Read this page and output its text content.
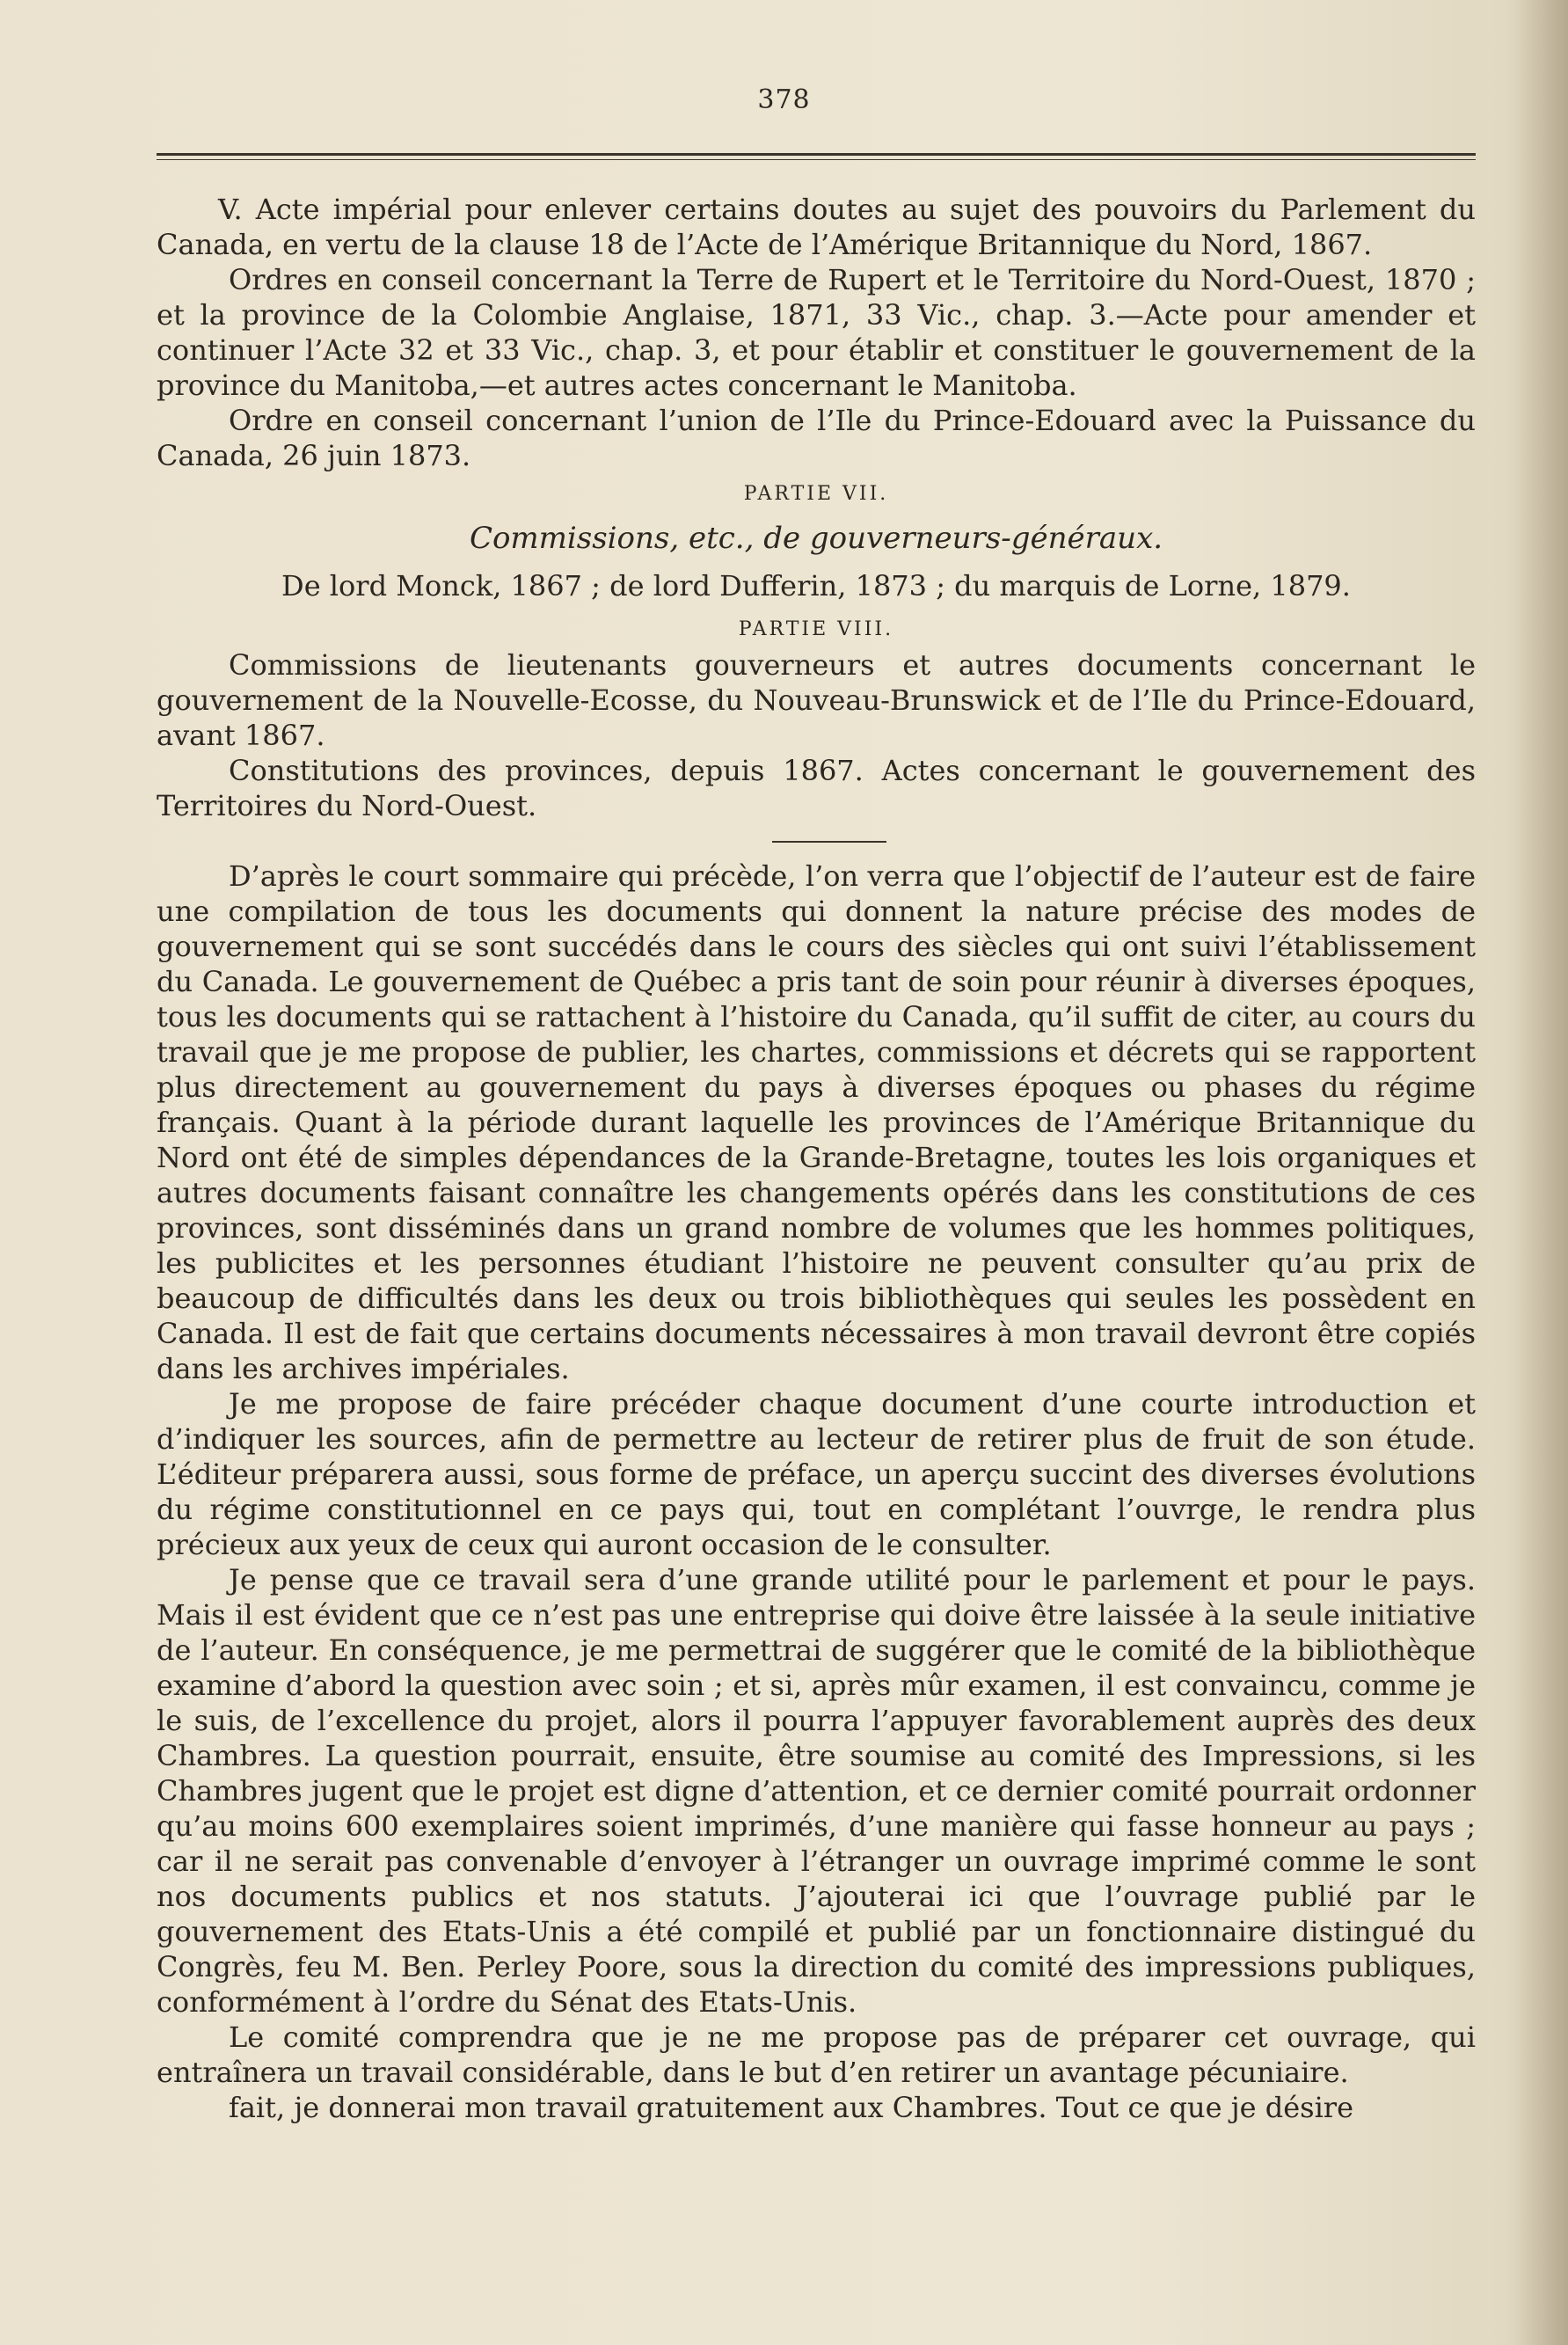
378

V. Acte impérial pour enlever certains doutes au sujet des pouvoirs du Parlement du Canada, en vertu de la clause 18 de l’Acte de l’Amérique Britannique du Nord, 1867.

Ordres en conseil concernant la Terre de Rupert et le Territoire du Nord-Ouest, 1870 ; et la province de la Colombie Anglaise, 1871, 33 Vic., chap. 3.—Acte pour amender et continuer l’Acte 32 et 33 Vic., chap. 3, et pour établir et constituer le gouvernement de la province du Manitoba,—et autres actes concernant le Manitoba.

Ordre en conseil concernant l’union de l’Ile du Prince-Edouard avec la Puissance du Canada, 26 juin 1873.

PARTIE VII.
Commissions, etc., de gouverneurs-généraux.

De lord Monck, 1867 ; de lord Dufferin, 1873 ; du marquis de Lorne, 1879.

PARTIE VIII.

Commissions de lieutenants gouverneurs et autres documents concernant le gouvernement de la Nouvelle-Ecosse, du Nouveau-Brunswick et de l’Ile du Prince-Edouard, avant 1867.

Constitutions des provinces, depuis 1867. Actes concernant le gouvernement des Territoires du Nord-Ouest.

D’après le court sommaire qui précède, l’on verra que l’objectif de l’auteur est de faire une compilation de tous les documents qui donnent la nature précise des modes de gouvernement qui se sont succédés dans le cours des siècles qui ont suivi l’établissement du Canada. Le gouvernement de Québec a pris tant de soin pour réunir à diverses époques, tous les documents qui se rattachent à l’histoire du Canada, qu’il suffit de citer, au cours du travail que je me propose de publier, les chartes, commissions et décrets qui se rapportent plus directement au gouvernement du pays à diverses époques ou phases du régime français. Quant à la période durant laquelle les provinces de l’Amérique Britannique du Nord ont été de simples dépendances de la Grande-Bretagne, toutes les lois organiques et autres documents faisant connaître les changements opérés dans les constitutions de ces provinces, sont disséminés dans un grand nombre de volumes que les hommes politiques, les publicites et les personnes étudiant l’histoire ne peuvent consulter qu’au prix de beaucoup de difficultés dans les deux ou trois bibliothèques qui seules les possèdent en Canada. Il est de fait que certains documents nécessaires à mon travail devront être copiés dans les archives impériales.

Je me propose de faire précéder chaque document d’une courte introduction et d’indiquer les sources, afin de permettre au lecteur de retirer plus de fruit de son étude. L’éditeur préparera aussi, sous forme de préface, un aperçu succint des diverses évolutions du régime constitutionnel en ce pays qui, tout en complétant l’ouvrge, le rendra plus précieux aux yeux de ceux qui auront occasion de le consulter.

Je pense que ce travail sera d’une grande utilité pour le parlement et pour le pays. Mais il est évident que ce n’est pas une entreprise qui doive être laissée à la seule initiative de l’auteur. En conséquence, je me permettrai de suggérer que le comité de la bibliothèque examine d’abord la question avec soin ; et si, après mûr examen, il est convaincu, comme je le suis, de l’excellence du projet, alors il pourra l’appuyer favorablement auprès des deux Chambres. La question pourrait, ensuite, être soumise au comité des Impressions, si les Chambres jugent que le projet est digne d’attention, et ce dernier comité pourrait ordonner qu’au moins 600 exemplaires soient imprimés, d’une manière qui fasse honneur au pays ; car il ne serait pas convenable d’envoyer à l’étranger un ouvrage imprimé comme le sont nos documents publics et nos statuts. J’ajouterai ici que l’ouvrage publié par le gouvernement des Etats-Unis a été compilé et publié par un fonctionnaire distingué du Congrès, feu M. Ben. Perley Poore, sous la direction du comité des impressions publiques, conformément à l’ordre du Sénat des Etats-Unis.

Le comité comprendra que je ne me propose pas de préparer cet ouvrage, qui entraînera un travail considérable, dans le but d’en retirer un avantage pécuniaire.

fait, je donnerai mon travail gratuitement aux Chambres. Tout ce que je désire
